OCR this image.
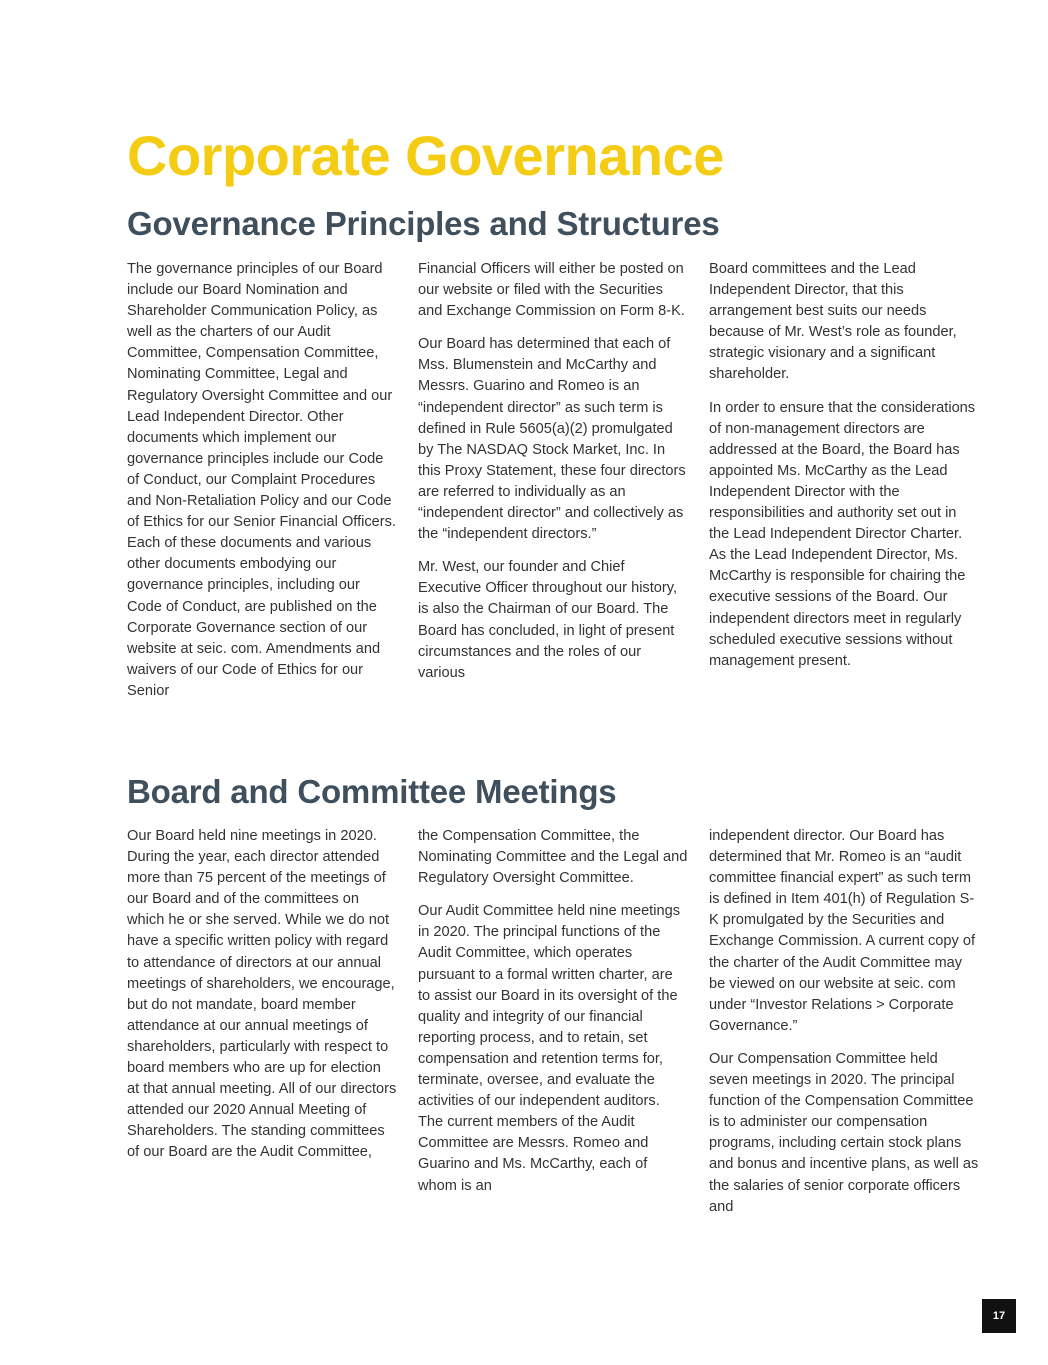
Corporate Governance
Governance Principles and Structures

The governance principles of our Board include our Board Nomination and Shareholder Communication Policy, as well as the charters of our Audit Committee, Compensation Committee, Nominating Committee, Legal and Regulatory Oversight Committee and our Lead Independent Director. Other documents which implement our governance principles include our Code of Conduct, our Complaint Procedures and Non-Retaliation Policy and our Code of Ethics for our Senior Financial Officers. Each of these documents and various other documents embodying our governance principles, including our Code of Conduct, are published on the Corporate Governance section of our website at seic. com. Amendments and waivers of our Code of Ethics for our Senior

Financial Officers will either be posted on our website or filed with the Securities and Exchange Commission on Form 8-K.

Our Board has determined that each of Mss. Blumenstein and McCarthy and Messrs. Guarino and Romeo is an “independent director” as such term is defined in Rule 5605(a)(2) promulgated by The NASDAQ Stock Market, Inc. In this Proxy Statement, these four directors are referred to individually as an “independent director” and collectively as the “independent directors.”

Mr. West, our founder and Chief Executive Officer throughout our history, is also the Chairman of our Board. The Board has concluded, in light of present circumstances and the roles of our various

Board committees and the Lead Independent Director, that this arrangement best suits our needs because of Mr. West’s role as founder, strategic visionary and a significant shareholder.

In order to ensure that the considerations of non-management directors are addressed at the Board, the Board has appointed Ms. McCarthy as the Lead Independent Director with the responsibilities and authority set out in the Lead Independent Director Charter. As the Lead Independent Director, Ms. McCarthy is responsible for chairing the executive sessions of the Board. Our independent directors meet in regularly scheduled executive sessions without management present.

Board and Committee Meetings

Our Board held nine meetings in 2020. During the year, each director attended more than 75 percent of the meetings of our Board and of the committees on which he or she served. While we do not have a specific written policy with regard to attendance of directors at our annual meetings of shareholders, we encourage, but do not mandate, board member attendance at our annual meetings of shareholders, particularly with respect to board members who are up for election at that annual meeting. All of our directors attended our 2020 Annual Meeting of Shareholders. The standing committees of our Board are the Audit Committee,

the Compensation Committee, the Nominating Committee and the Legal and Regulatory Oversight Committee.

Our Audit Committee held nine meetings in 2020. The principal functions of the Audit Committee, which operates pursuant to a formal written charter, are to assist our Board in its oversight of the quality and integrity of our financial reporting process, and to retain, set compensation and retention terms for, terminate, oversee, and evaluate the activities of our independent auditors. The current members of the Audit Committee are Messrs. Romeo and Guarino and Ms. McCarthy, each of whom is an

independent director. Our Board has determined that Mr. Romeo is an “audit committee financial expert” as such term is defined in Item 401(h) of Regulation S-K promulgated by the Securities and Exchange Commission. A current copy of the charter of the Audit Committee may be viewed on our website at seic. com under “Investor Relations > Corporate Governance.”

Our Compensation Committee held seven meetings in 2020. The principal function of the Compensation Committee is to administer our compensation programs, including certain stock plans and bonus and incentive plans, as well as the salaries of senior corporate officers and

17
